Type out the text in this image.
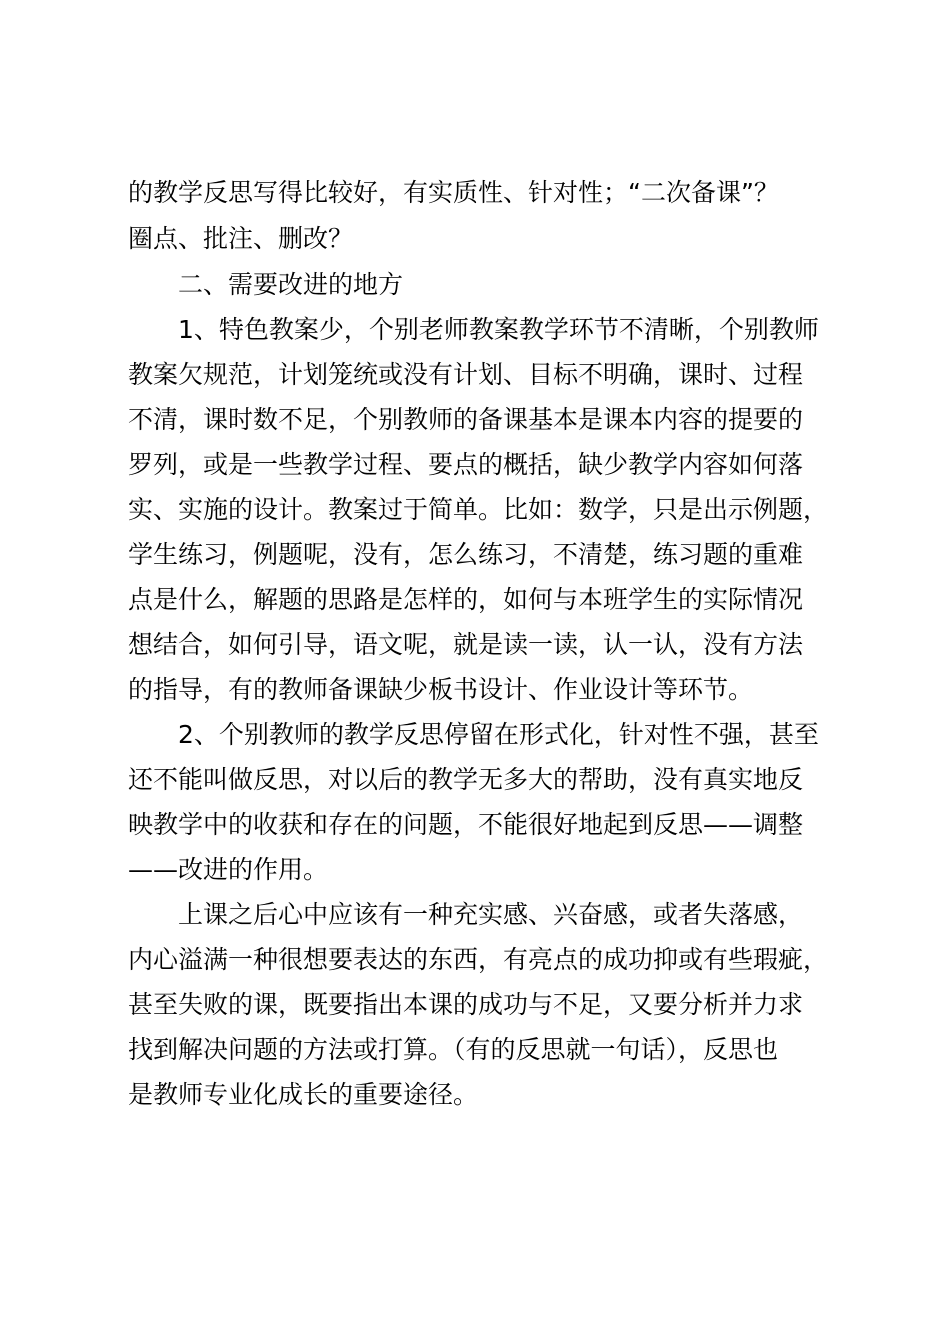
的教学反思写得比较好，有实质性、针对性；“二次备课”？

圈点、批注、删改？

二、需要改进的地方

1、特色教案少，个别老师教案教学环节不清晰，个别教师

教案欠规范，计划笼统或没有计划、目标不明确，课时、过程

不清，课时数不足，个别教师的备课基本是课本内容的提要的

罗列，或是一些教学过程、要点的概括，缺少教学内容如何落

实、实施的设计。教案过于简单。比如：数学，只是出示例题，

学生练习，例题呢，没有，怎么练习，不清楚，练习题的重难

点是什么，解题的思路是怎样的，如何与本班学生的实际情况

想结合，如何引导，语文呢，就是读一读，认一认，没有方法

的指导，有的教师备课缺少板书设计、作业设计等环节。

2、个别教师的教学反思停留在形式化，针对性不强，甚至

还不能叫做反思，对以后的教学无多大的帮助，没有真实地反

映教学中的收获和存在的问题，不能很好地起到反思——调整

——改进的作用。

上课之后心中应该有一种充实感、兴奋感，或者失落感，

内心溢满一种很想要表达的东西，有亮点的成功抑或有些瑕疵，

甚至失败的课，既要指出本课的成功与不足，又要分析并力求

找到解决问题的方法或打算。（有的反思就一句话），反思也

是教师专业化成长的重要途径。
